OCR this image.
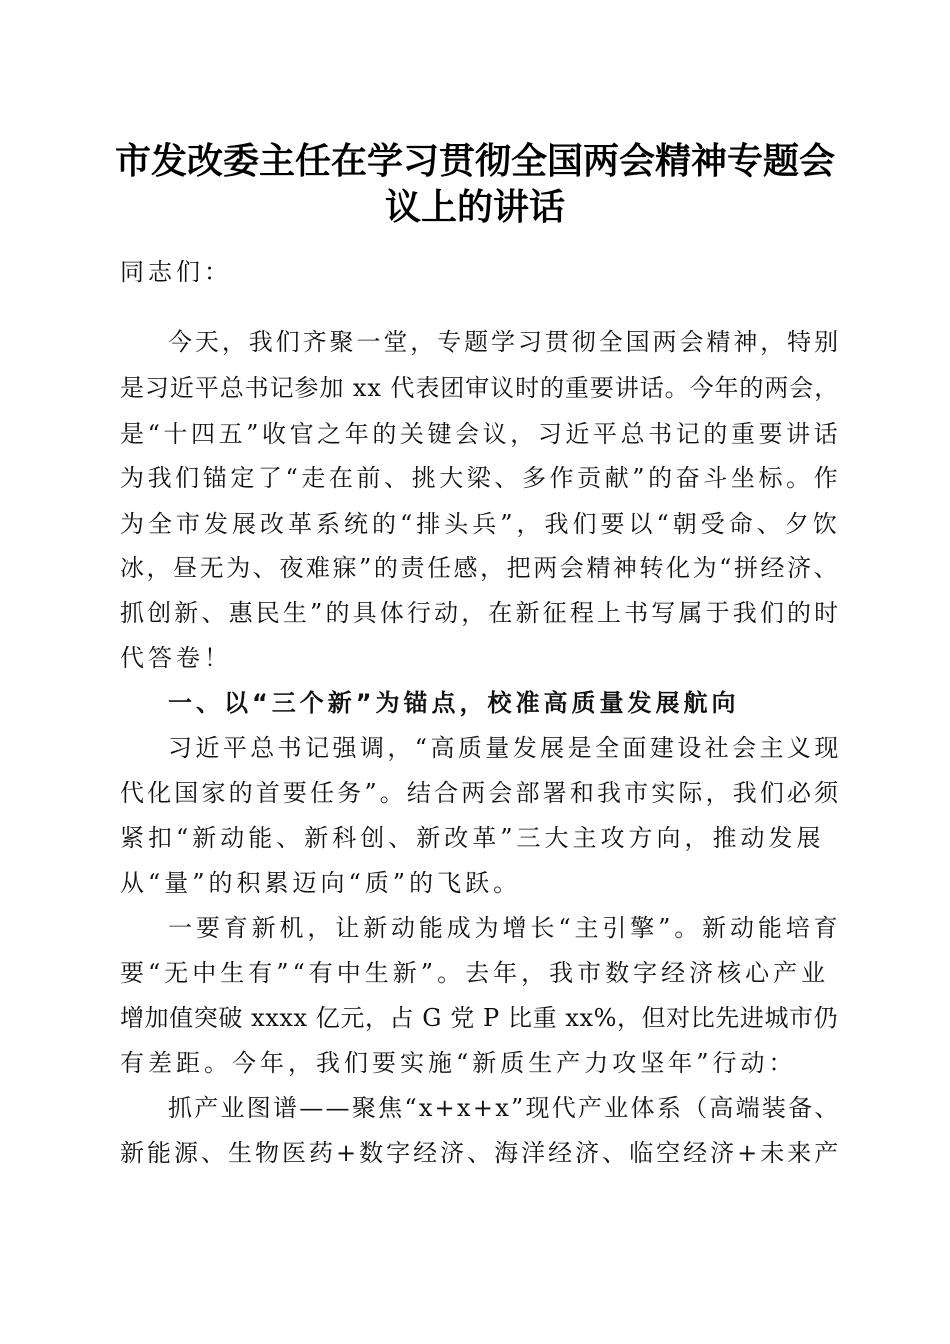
市发改委主任在学习贯彻全国两会精神专题会
议上的讲话
同志们：
今天，我们齐聚一堂，专题学习贯彻全国两会精神，特别
是习近平总书记参加 xx 代表团审议时的重要讲话。今年的两会，
是“十四五”收官之年的关键会议，习近平总书记的重要讲话
为我们锚定了“走在前、挑大梁、多作贡献”的奋斗坐标。作
为全市发展改革系统的“排头兵”，我们要以“朝受命、夕饮
冰，昼无为、夜难寐”的责任感，把两会精神转化为“拼经济、
抓创新、惠民生”的具体行动，在新征程上书写属于我们的时
代答卷！
一、以“三个新”为锚点，校准高质量发展航向
习近平总书记强调，“高质量发展是全面建设社会主义现
代化国家的首要任务”。结合两会部署和我市实际，我们必须
紧扣“新动能、新科创、新改革”三大主攻方向，推动发展
从“量”的积累迈向“质”的飞跃。
一要育新机，让新动能成为增长“主引擎”。新动能培育
要“无中生有”“有中生新”。去年，我市数字经济核心产业
增加值突破 xxxx 亿元，占 G 党 P 比重 xx%，但对比先进城市仍
有差距。今年，我们要实施“新质生产力攻坚年”行动：
抓产业图谱——聚焦“x+x+x”现代产业体系（高端装备、
新能源、生物医药+数字经济、海洋经济、临空经济+未来产
